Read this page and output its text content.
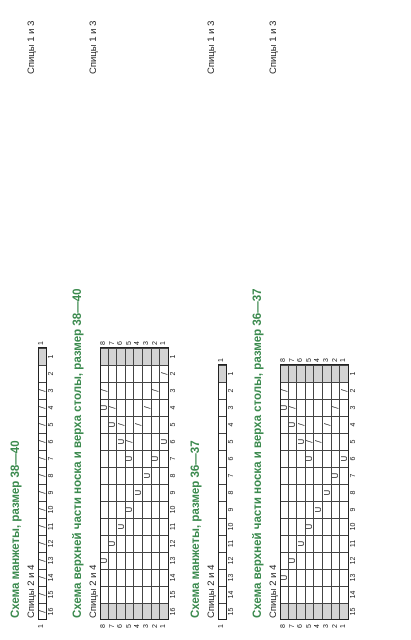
Схема манжеты, размер 38—40 Спицы 2 и 4
Спицы 1 и 3
/
/
/
/
/
/
/
/
/
/
/
/
/
/
16
15
14
13
12
11
10
9
8
7
6
5
4
3
2
1
1
1 Схема верхней части носка и верха столы, размер 38—40 Спицы 2 и 4
Спицы 1 и 3
U
U
U
U
U
U
U
U
/
/
/
/
U
U
U
U
/
/
/
/
16
15
14
13
12
11
10
9
8
7
6
5
4
3
2
1
8
8
7
7
6
6
5
5
4
4
3
3
2
2
1
1
Схема манжеты, размер 36—37 Спицы 2 и 4
Спицы 1 и 3
15
14
13
12
11
10
9
8
7
6
5
4
3
2
1
1
1 Схема верхней части носка и верха столы, размер 36—37 Спицы 2 и 4
Спицы 1 и 3
U
U
U
U
U
U
U
U
U
U
U
U
/
/
/
/ /
/
/
/
15
14
13
12
11
10
9
8
7
6
5
4
3
2
1
8
8
7
7
6
6
5
5
4
4
3
3
2
2
1
1
